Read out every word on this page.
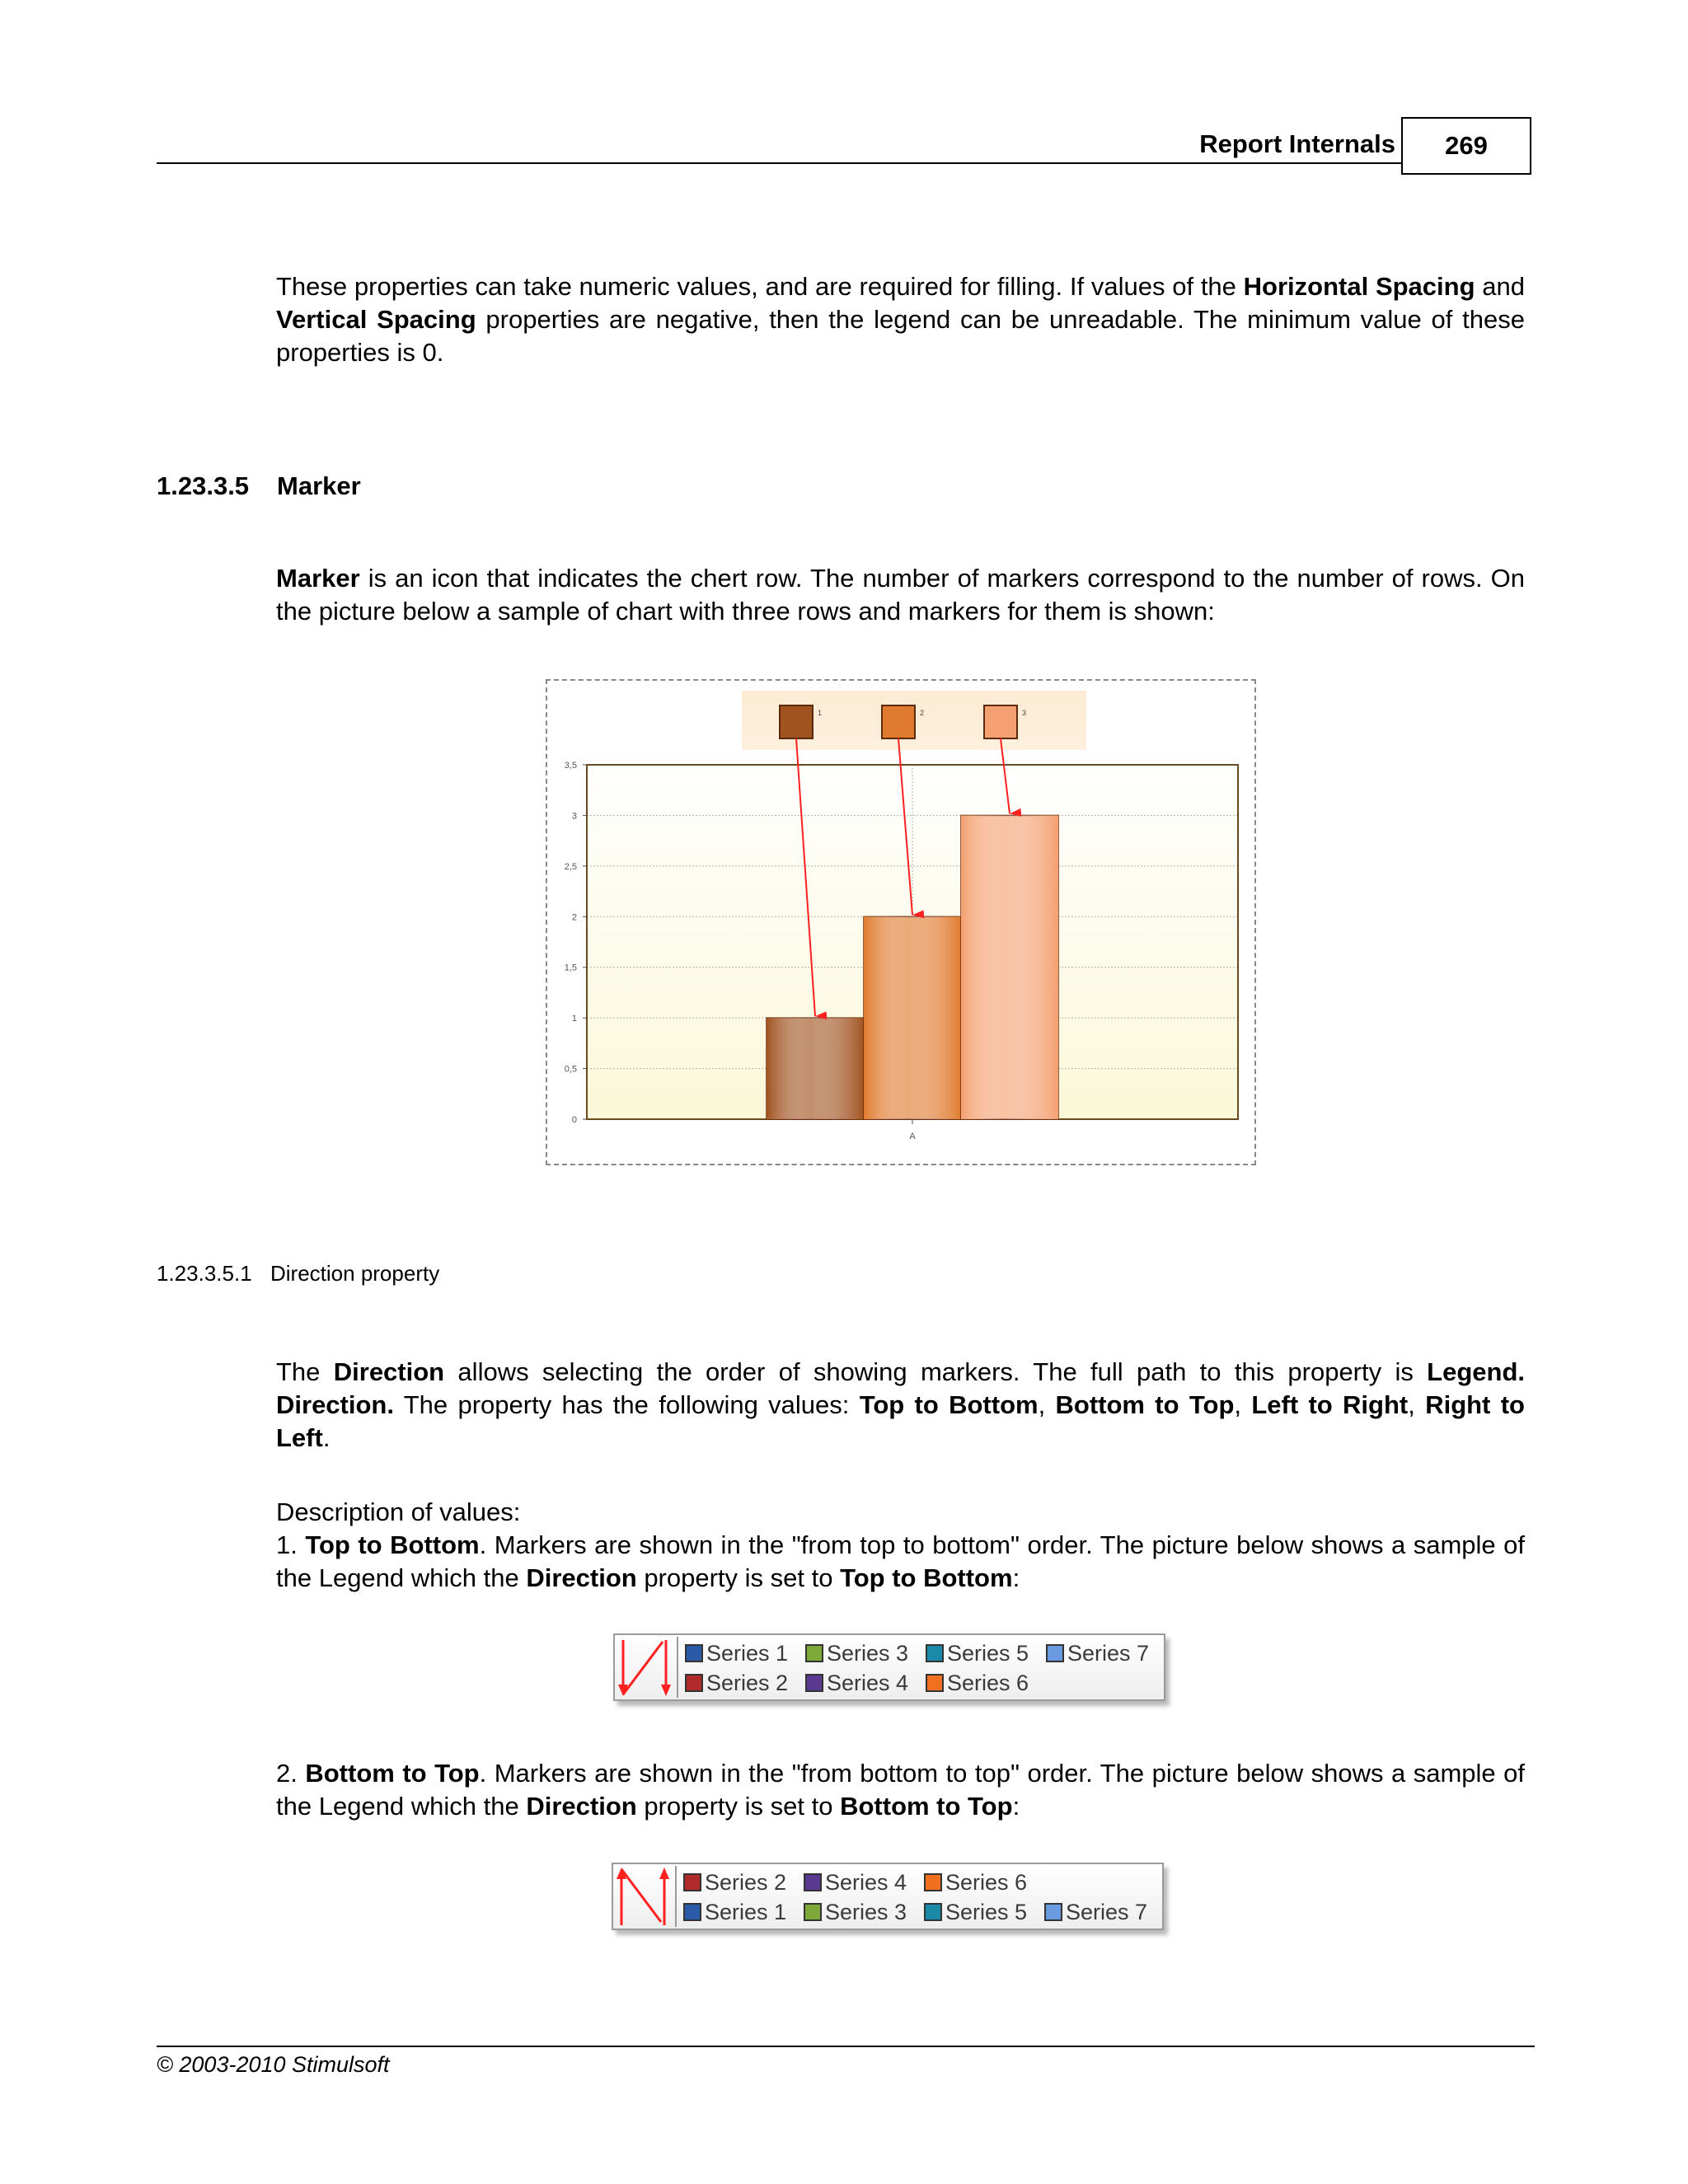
Report Internals	269
These properties can take numeric values, and are required for filling. If values of the Horizontal Spacing and Vertical Spacing properties are negative, then the legend can be unreadable. The minimum value of these properties is 0.
1.23.3.5 Marker
Marker is an icon that indicates the chert row. The number of markers correspond to the number of rows. On the picture below a sample of chart with three rows and markers for them is shown:
0
0,5
1
1,5
2
2,5
3
3,5
A
1	2	3
1.23.3.5.1 Direction property
The Direction allows selecting the order of showing markers. The full path to this property is Legend. Direction. The property has the following values: Top to Bottom, Bottom to Top, Left to Right, Right to Left.
Description of values:
1. Top to Bottom. Markers are shown in the "from top to bottom" order. The picture below shows a sample of the Legend which the Direction property is set to Top to Bottom:
Series 1 Series 3 Series 5 Series 7
Series 2 Series 4 Series 6
2. Bottom to Top. Markers are shown in the "from bottom to top" order. The picture below shows a sample of the Legend which the Direction property is set to Bottom to Top:
Series 2 Series 4 Series 6
Series 1 Series 3 Series 5 Series 7
© 2003-2010 Stimulsoft
